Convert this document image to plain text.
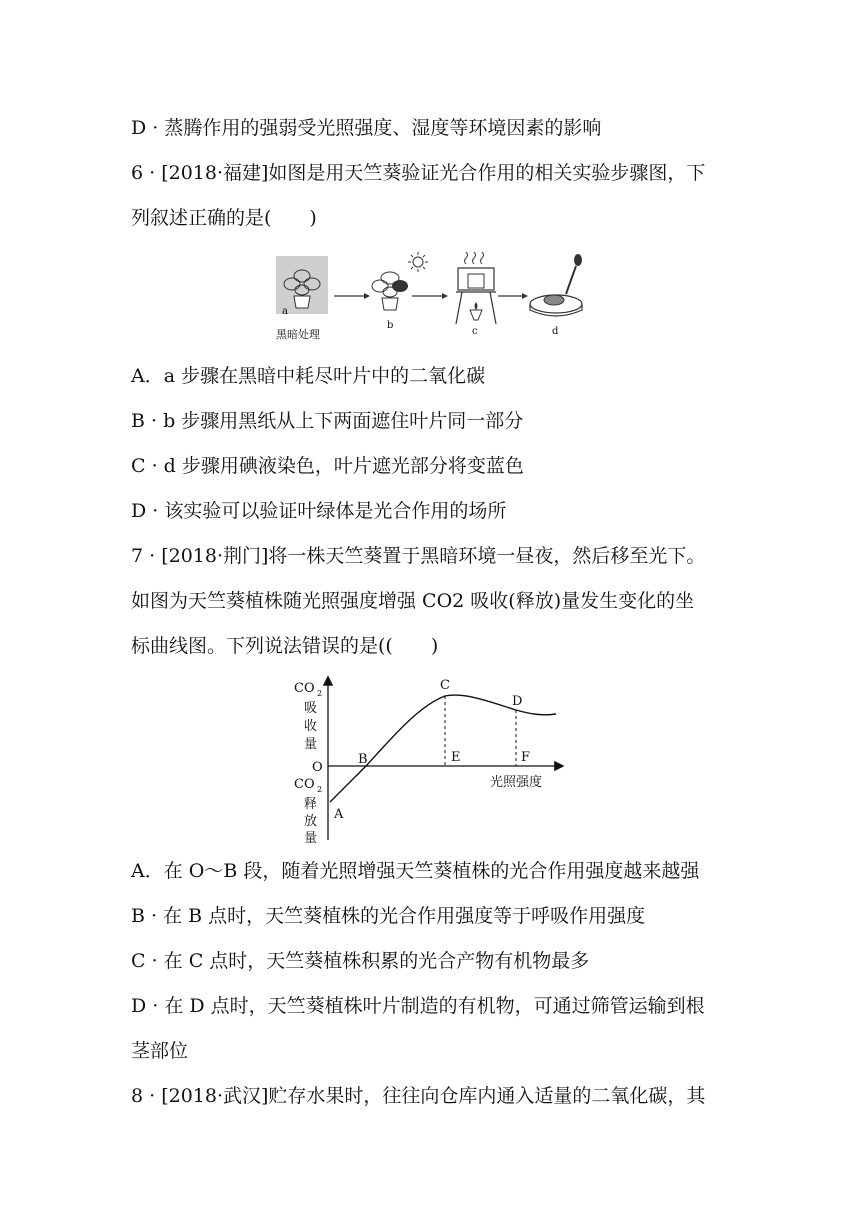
D · 蒸腾作用的强弱受光照强度、湿度等环境因素的影响
6 · [2018·福建]如图是用天竺葵验证光合作用的相关实验步骤图，下
列叙述正确的是(　　)
a
黑暗处理
b
c	d
A．a 步骤在黑暗中耗尽叶片中的二氧化碳
B · b 步骤用黑纸从上下两面遮住叶片同一部分
C · d 步骤用碘液染色，叶片遮光部分将变蓝色
D · 该实验可以验证叶绿体是光合作用的场所
7 · [2018·荆门]将一株天竺葵置于黑暗环境一昼夜，然后移至光下。
如图为天竺葵植株随光照强度增强 CO2 吸收(释放)量发生变化的坐
标曲线图。下列说法错误的是((　　)
CO 2
吸
收
量
O
CO 2
释
放
量
A
B
C
D
E	F
光照强度
A．在 O～B 段，随着光照增强天竺葵植株的光合作用强度越来越强
B · 在 B 点时，天竺葵植株的光合作用强度等于呼吸作用强度
C · 在 C 点时，天竺葵植株积累的光合产物有机物最多
D · 在 D 点时，天竺葵植株叶片制造的有机物，可通过筛管运输到根
茎部位
8 · [2018·武汉]贮存水果时，往往向仓库内通入适量的二氧化碳，其
